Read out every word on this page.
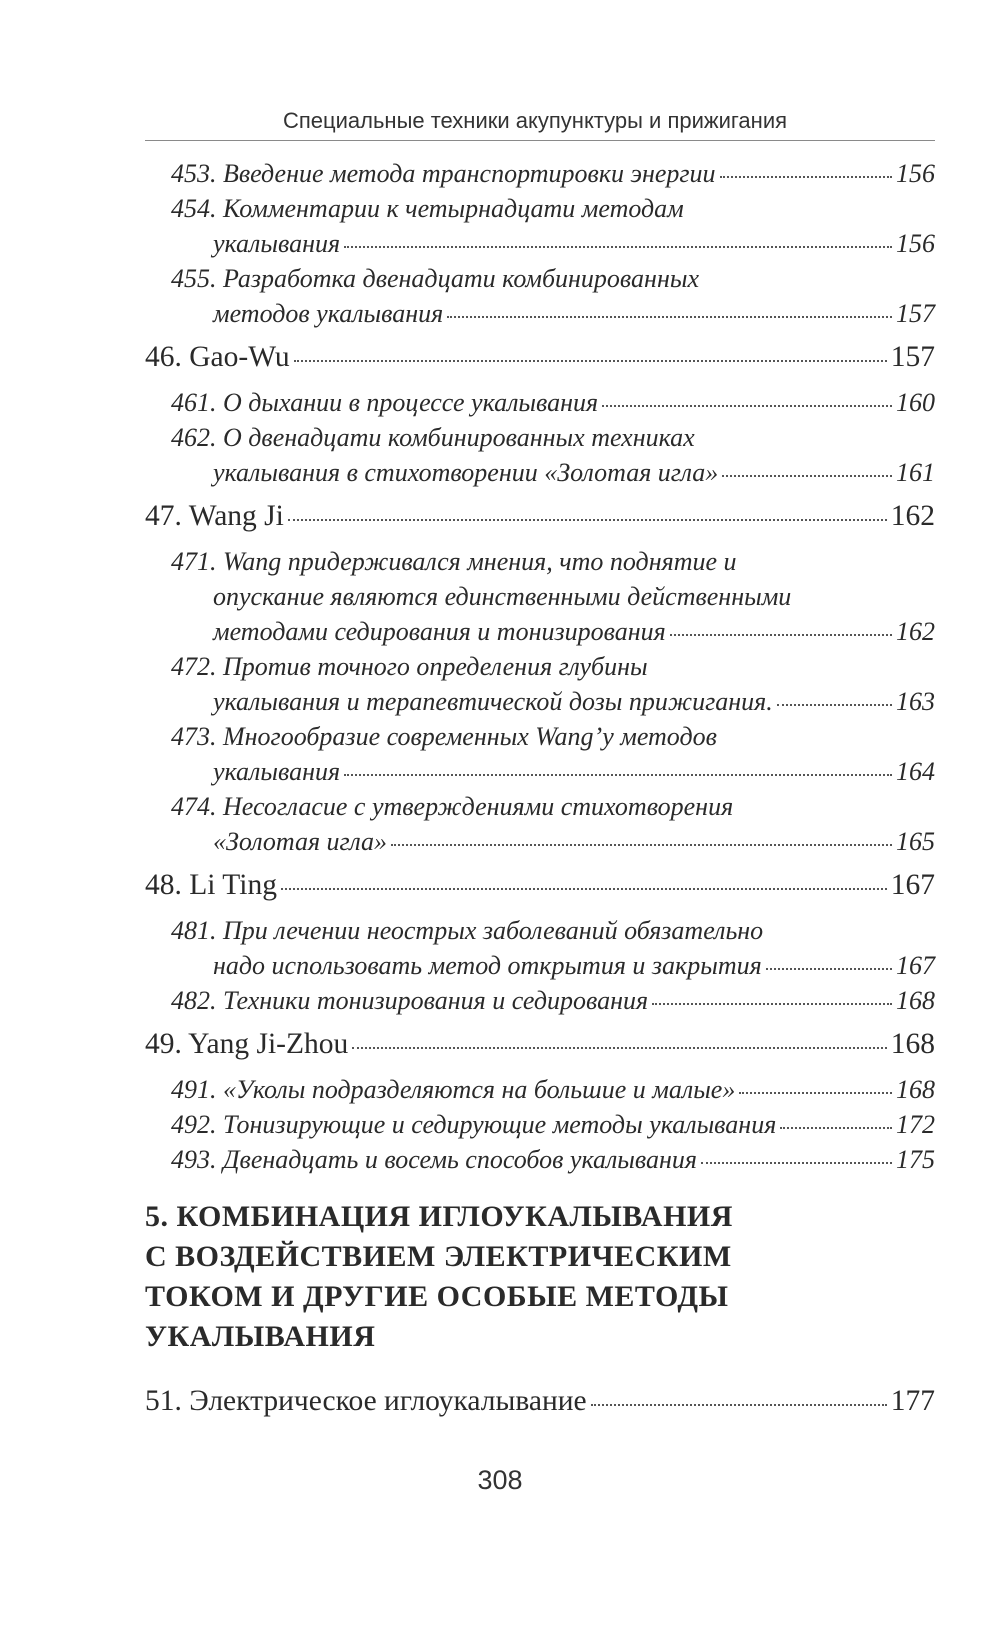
Специальные техники акупунктуры и прижигания
453. Введение метода транспортировки энергии	156
454. Комментарии к четырнадцати методам
укалывания	156
455. Разработка двенадцати комбинированных
методов укалывания	157
46. Gao-Wu	157
461. О дыхании в процессе укалывания	160
462. О двенадцати комбинированных техниках
укалывания в стихотворении «Золотая игла»	161
47. Wang Ji	162
471. Wang придерживался мнения, что поднятие и
опускание являются единственными действенными
методами седирования и тонизирования	162
472. Против точного определения глубины
укалывания и терапевтической дозы прижигания.	163
473. Многообразие современных Wang’у методов
укалывания	164
474. Несогласие с утверждениями стихотворения
«Золотая игла»	165
48. Li Ting	167
481. При лечении неострых заболеваний обязательно
надо использовать метод открытия и закрытия	167
482. Техники тонизирования и седирования	168
49. Yang Ji-Zhou	168
491. «Уколы подразделяются на большие и малые»	168
492. Тонизирующие и седирующие методы укалывания	172
493. Двенадцать и восемь способов укалывания	175
5. КОМБИНАЦИЯ ИГЛОУКАЛЫВАНИЯ
С ВОЗДЕЙСТВИЕМ ЭЛЕКТРИЧЕСКИМ
ТОКОМ И ДРУГИЕ ОСОБЫЕ МЕТОДЫ
УКАЛЫВАНИЯ
51. Электрическое иглоукалывание	177
308
